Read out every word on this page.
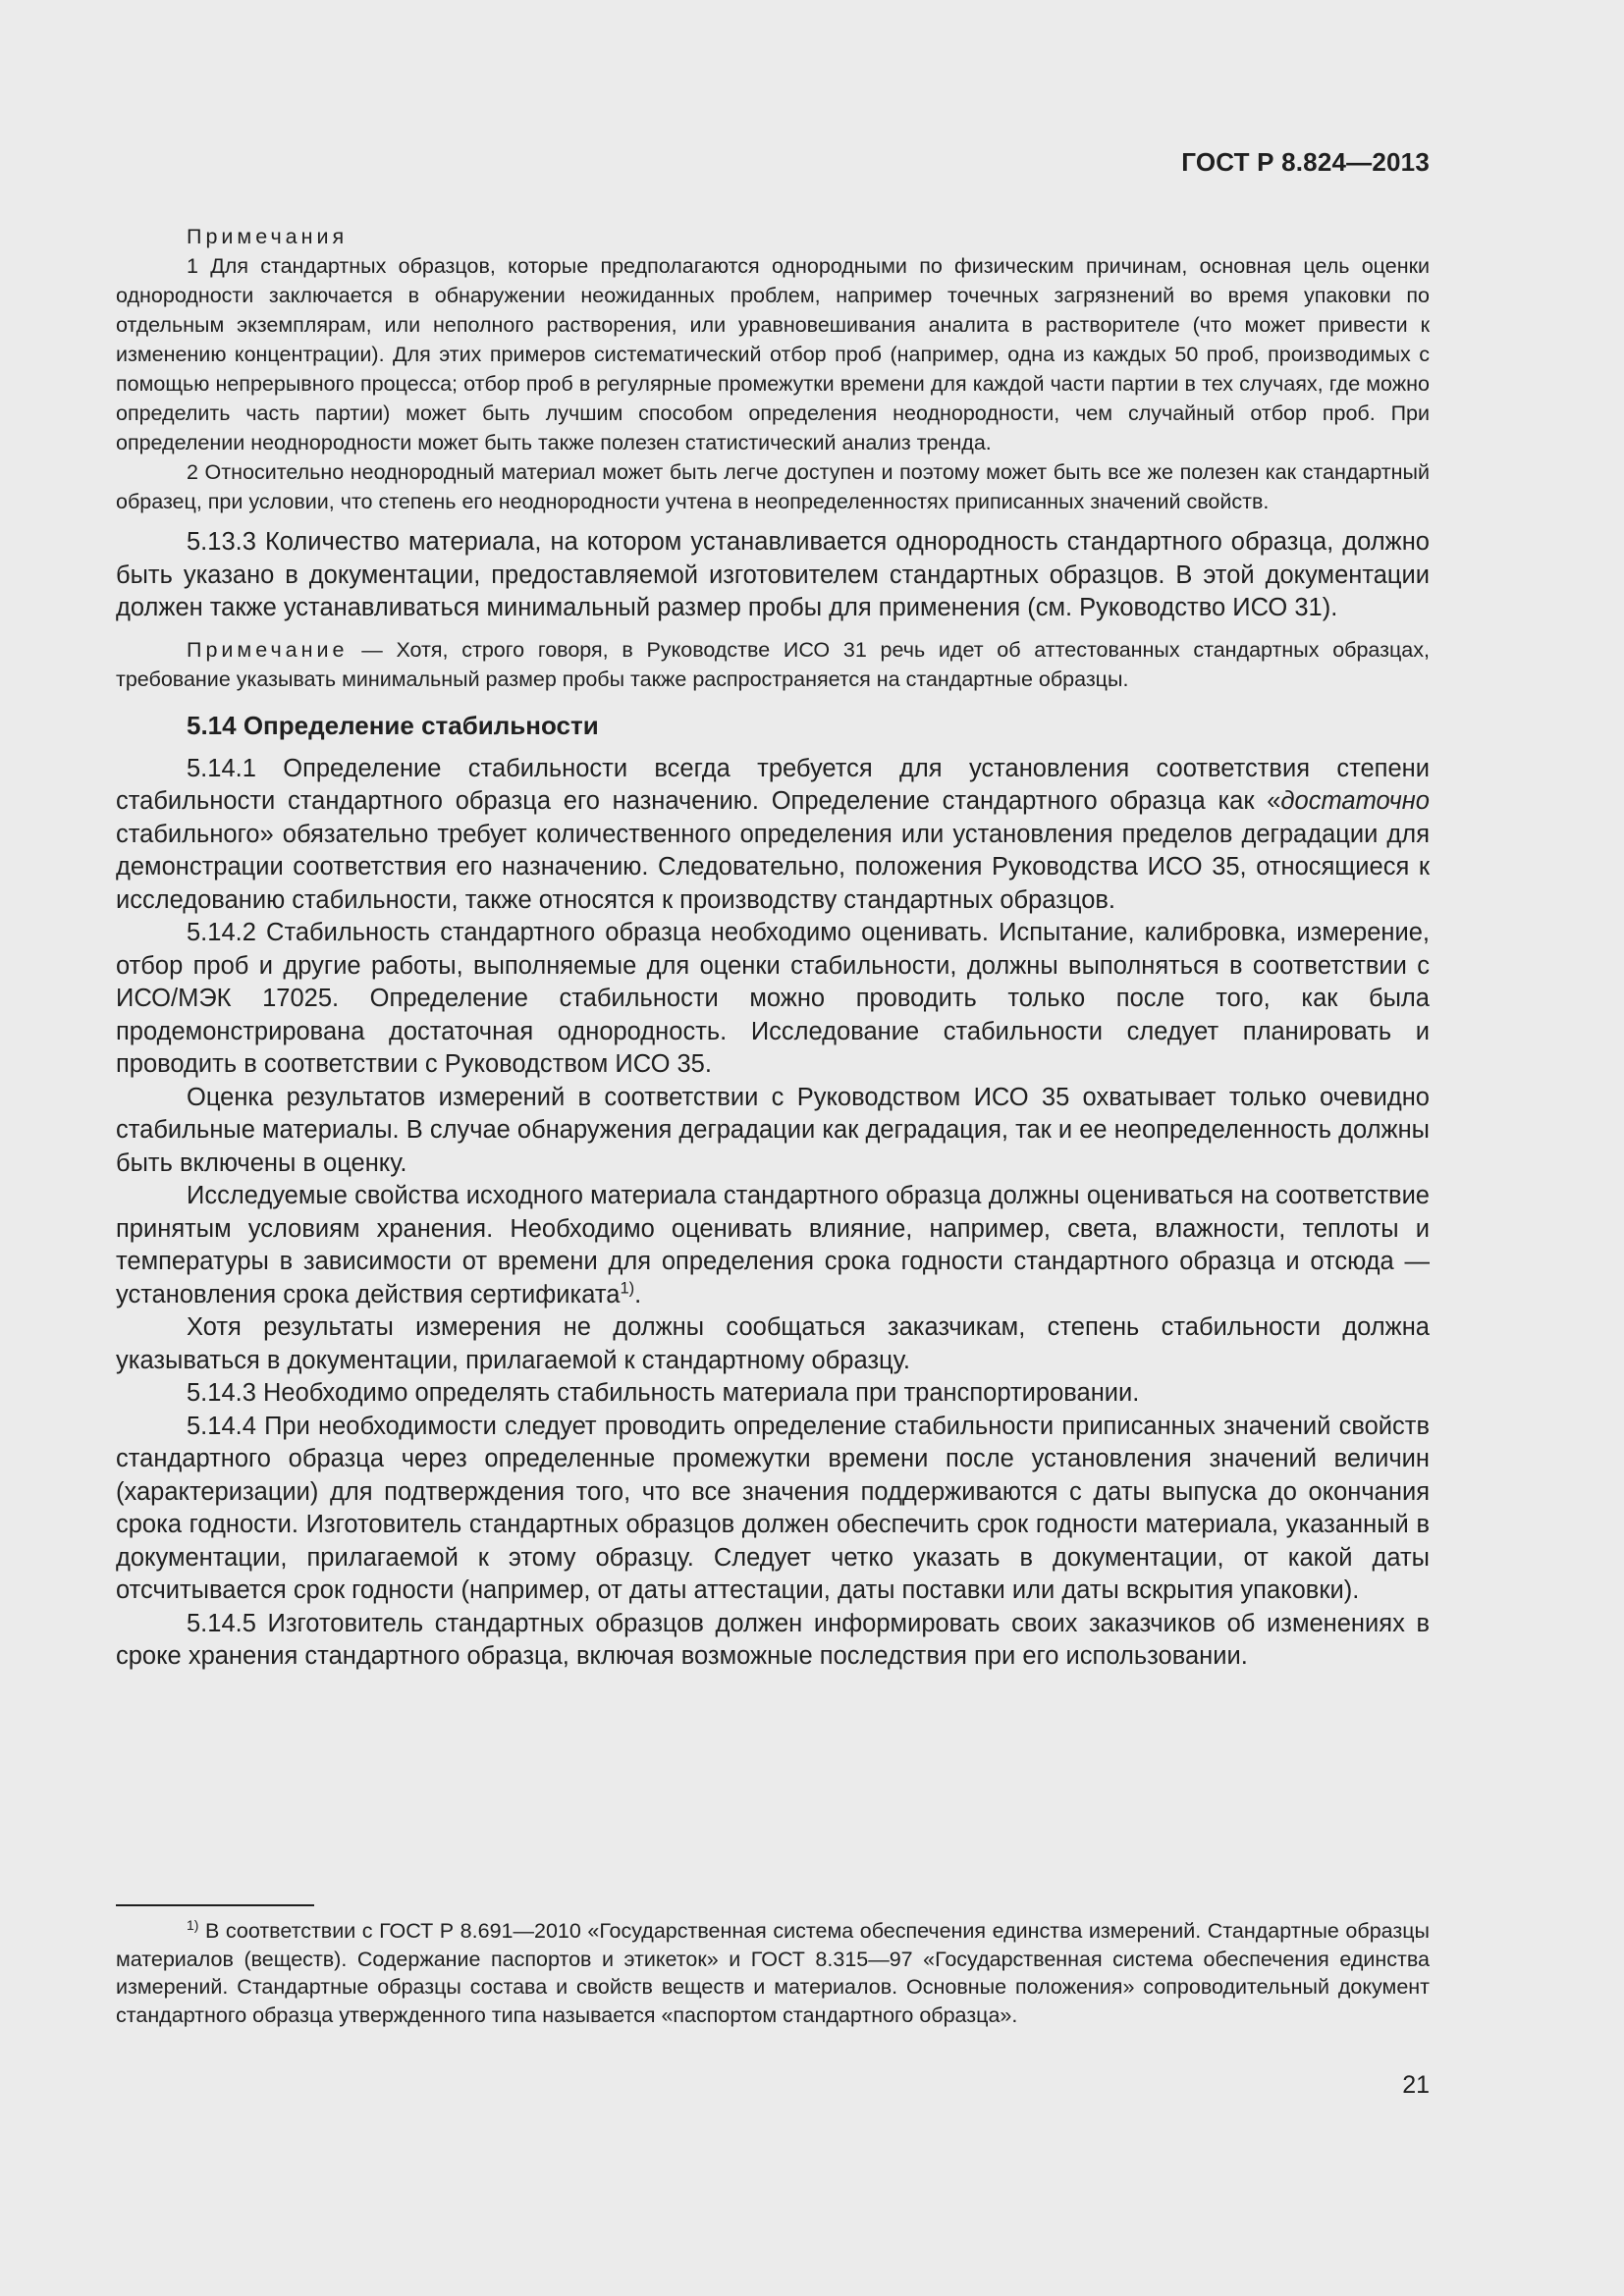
ГОСТ Р 8.824—2013

Примечания

1 Для стандартных образцов, которые предполагаются однородными по физическим причинам, основная цель оценки однородности заключается в обнаружении неожиданных проблем, например точечных загрязнений во время упаковки по отдельным экземплярам, или неполного растворения, или уравновешивания аналита в растворителе (что может привести к изменению концентрации). Для этих примеров систематический отбор проб (например, одна из каждых 50 проб, производимых с помощью непрерывного процесса; отбор проб в регулярные промежутки времени для каждой части партии в тех случаях, где можно определить часть партии) может быть лучшим способом определения неоднородности, чем случайный отбор проб. При определении неоднородности может быть также полезен статистический анализ тренда.

2 Относительно неоднородный материал может быть легче доступен и поэтому может быть все же полезен как стандартный образец, при условии, что степень его неоднородности учтена в неопределенностях приписанных значений свойств.

5.13.3 Количество материала, на котором устанавливается однородность стандартного образца, должно быть указано в документации, предоставляемой изготовителем стандартных образцов. В этой документации должен также устанавливаться минимальный размер пробы для применения (см. Руководство ИСО 31).

Примечание — Хотя, строго говоря, в Руководстве ИСО 31 речь идет об аттестованных стандартных образцах, требование указывать минимальный размер пробы также распространяется на стандартные образцы.

5.14 Определение стабильности

5.14.1 Определение стабильности всегда требуется для установления соответствия степени стабильности стандартного образца его назначению. Определение стандартного образца как «достаточно стабильного» обязательно требует количественного определения или установления пределов деградации для демонстрации соответствия его назначению. Следовательно, положения Руководства ИСО 35, относящиеся к исследованию стабильности, также относятся к производству стандартных образцов.

5.14.2 Стабильность стандартного образца необходимо оценивать. Испытание, калибровка, измерение, отбор проб и другие работы, выполняемые для оценки стабильности, должны выполняться в соответствии с ИСО/МЭК 17025. Определение стабильности можно проводить только после того, как была продемонстрирована достаточная однородность. Исследование стабильности следует планировать и проводить в соответствии с Руководством ИСО 35.

Оценка результатов измерений в соответствии с Руководством ИСО 35 охватывает только очевидно стабильные материалы. В случае обнаружения деградации как деградация, так и ее неопределенность должны быть включены в оценку.

Исследуемые свойства исходного материала стандартного образца должны оцениваться на соответствие принятым условиям хранения. Необходимо оценивать влияние, например, света, влажности, теплоты и температуры в зависимости от времени для определения срока годности стандартного образца и отсюда — установления срока действия сертификата$^{1)}$.

Хотя результаты измерения не должны сообщаться заказчикам, степень стабильности должна указываться в документации, прилагаемой к стандартному образцу.

5.14.3 Необходимо определять стабильность материала при транспортировании.

5.14.4 При необходимости следует проводить определение стабильности приписанных значений свойств стандартного образца через определенные промежутки времени после установления значений величин (характеризации) для подтверждения того, что все значения поддерживаются с даты выпуска до окончания срока годности. Изготовитель стандартных образцов должен обеспечить срок годности материала, указанный в документации, прилагаемой к этому образцу. Следует четко указать в документации, от какой даты отсчитывается срок годности (например, от даты аттестации, даты поставки или даты вскрытия упаковки).

5.14.5 Изготовитель стандартных образцов должен информировать своих заказчиков об изменениях в сроке хранения стандартного образца, включая возможные последствия при его использовании.

$^{1)}$ В соответствии с ГОСТ Р 8.691—2010 «Государственная система обеспечения единства измерений. Стандартные образцы материалов (веществ). Содержание паспортов и этикеток» и ГОСТ 8.315—97 «Государственная система обеспечения единства измерений. Стандартные образцы состава и свойств веществ и материалов. Основные положения» сопроводительный документ стандартного образца утвержденного типа называется «паспортом стандартного образца».

21
